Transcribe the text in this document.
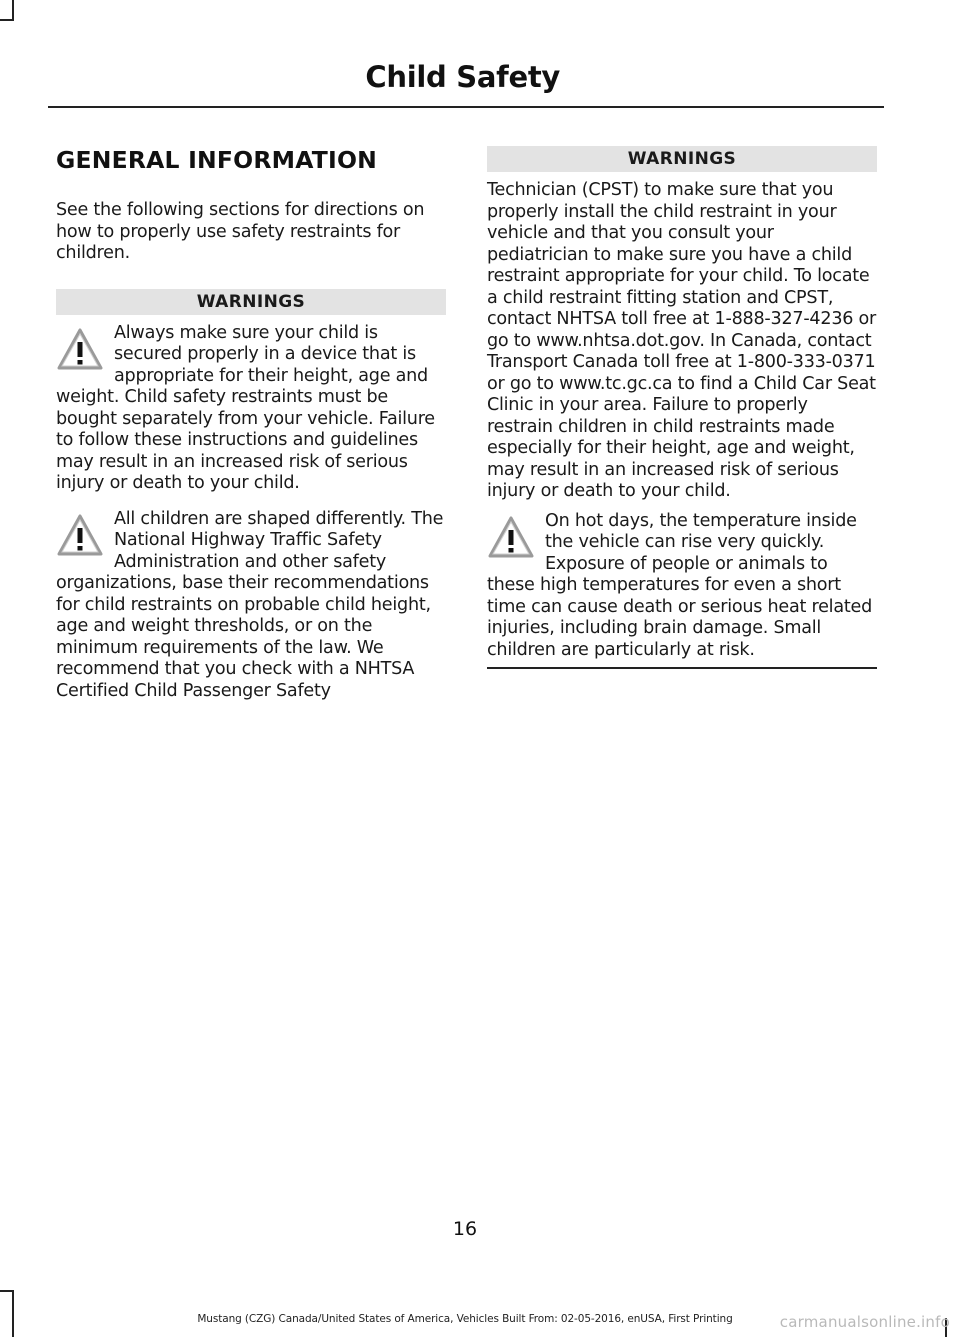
Child Safety
GENERAL INFORMATION

See the following sections for directions on how to properly use safety restraints for children.

WARNINGS
Always make sure your child is secured properly in a device that is appropriate for their height, age and weight. Child safety restraints must be bought separately from your vehicle. Failure to follow these instructions and guidelines may result in an increased risk of serious injury or death to your child.
All children are shaped differently. The National Highway Traffic Safety Administration and other safety organizations, base their recommendations for child restraints on probable child height, age and weight thresholds, or on the minimum requirements of the law. We recommend that you check with a NHTSA Certified Child Passenger Safety
WARNINGS

Technician (CPST) to make sure that you properly install the child restraint in your vehicle and that you consult your pediatrician to make sure you have a child restraint appropriate for your child. To locate a child restraint fitting station and CPST, contact NHTSA toll free at 1-888-327-4236 or go to www.nhtsa.dot.gov. In Canada, contact Transport Canada toll free at 1-800-333-0371 or go to www.tc.gc.ca to find a Child Car Seat Clinic in your area. Failure to properly restrain children in child restraints made especially for their height, age and weight, may result in an increased risk of serious injury or death to your child.

On hot days, the temperature inside the vehicle can rise very quickly. Exposure of people or animals to these high temperatures for even a short time can cause death or serious heat related injuries, including brain damage. Small children are particularly at risk.
16
Mustang (CZG) Canada/United States of America, Vehicles Built From: 02-05-2016, enUSA, First Printing	carmanualsonline.info
